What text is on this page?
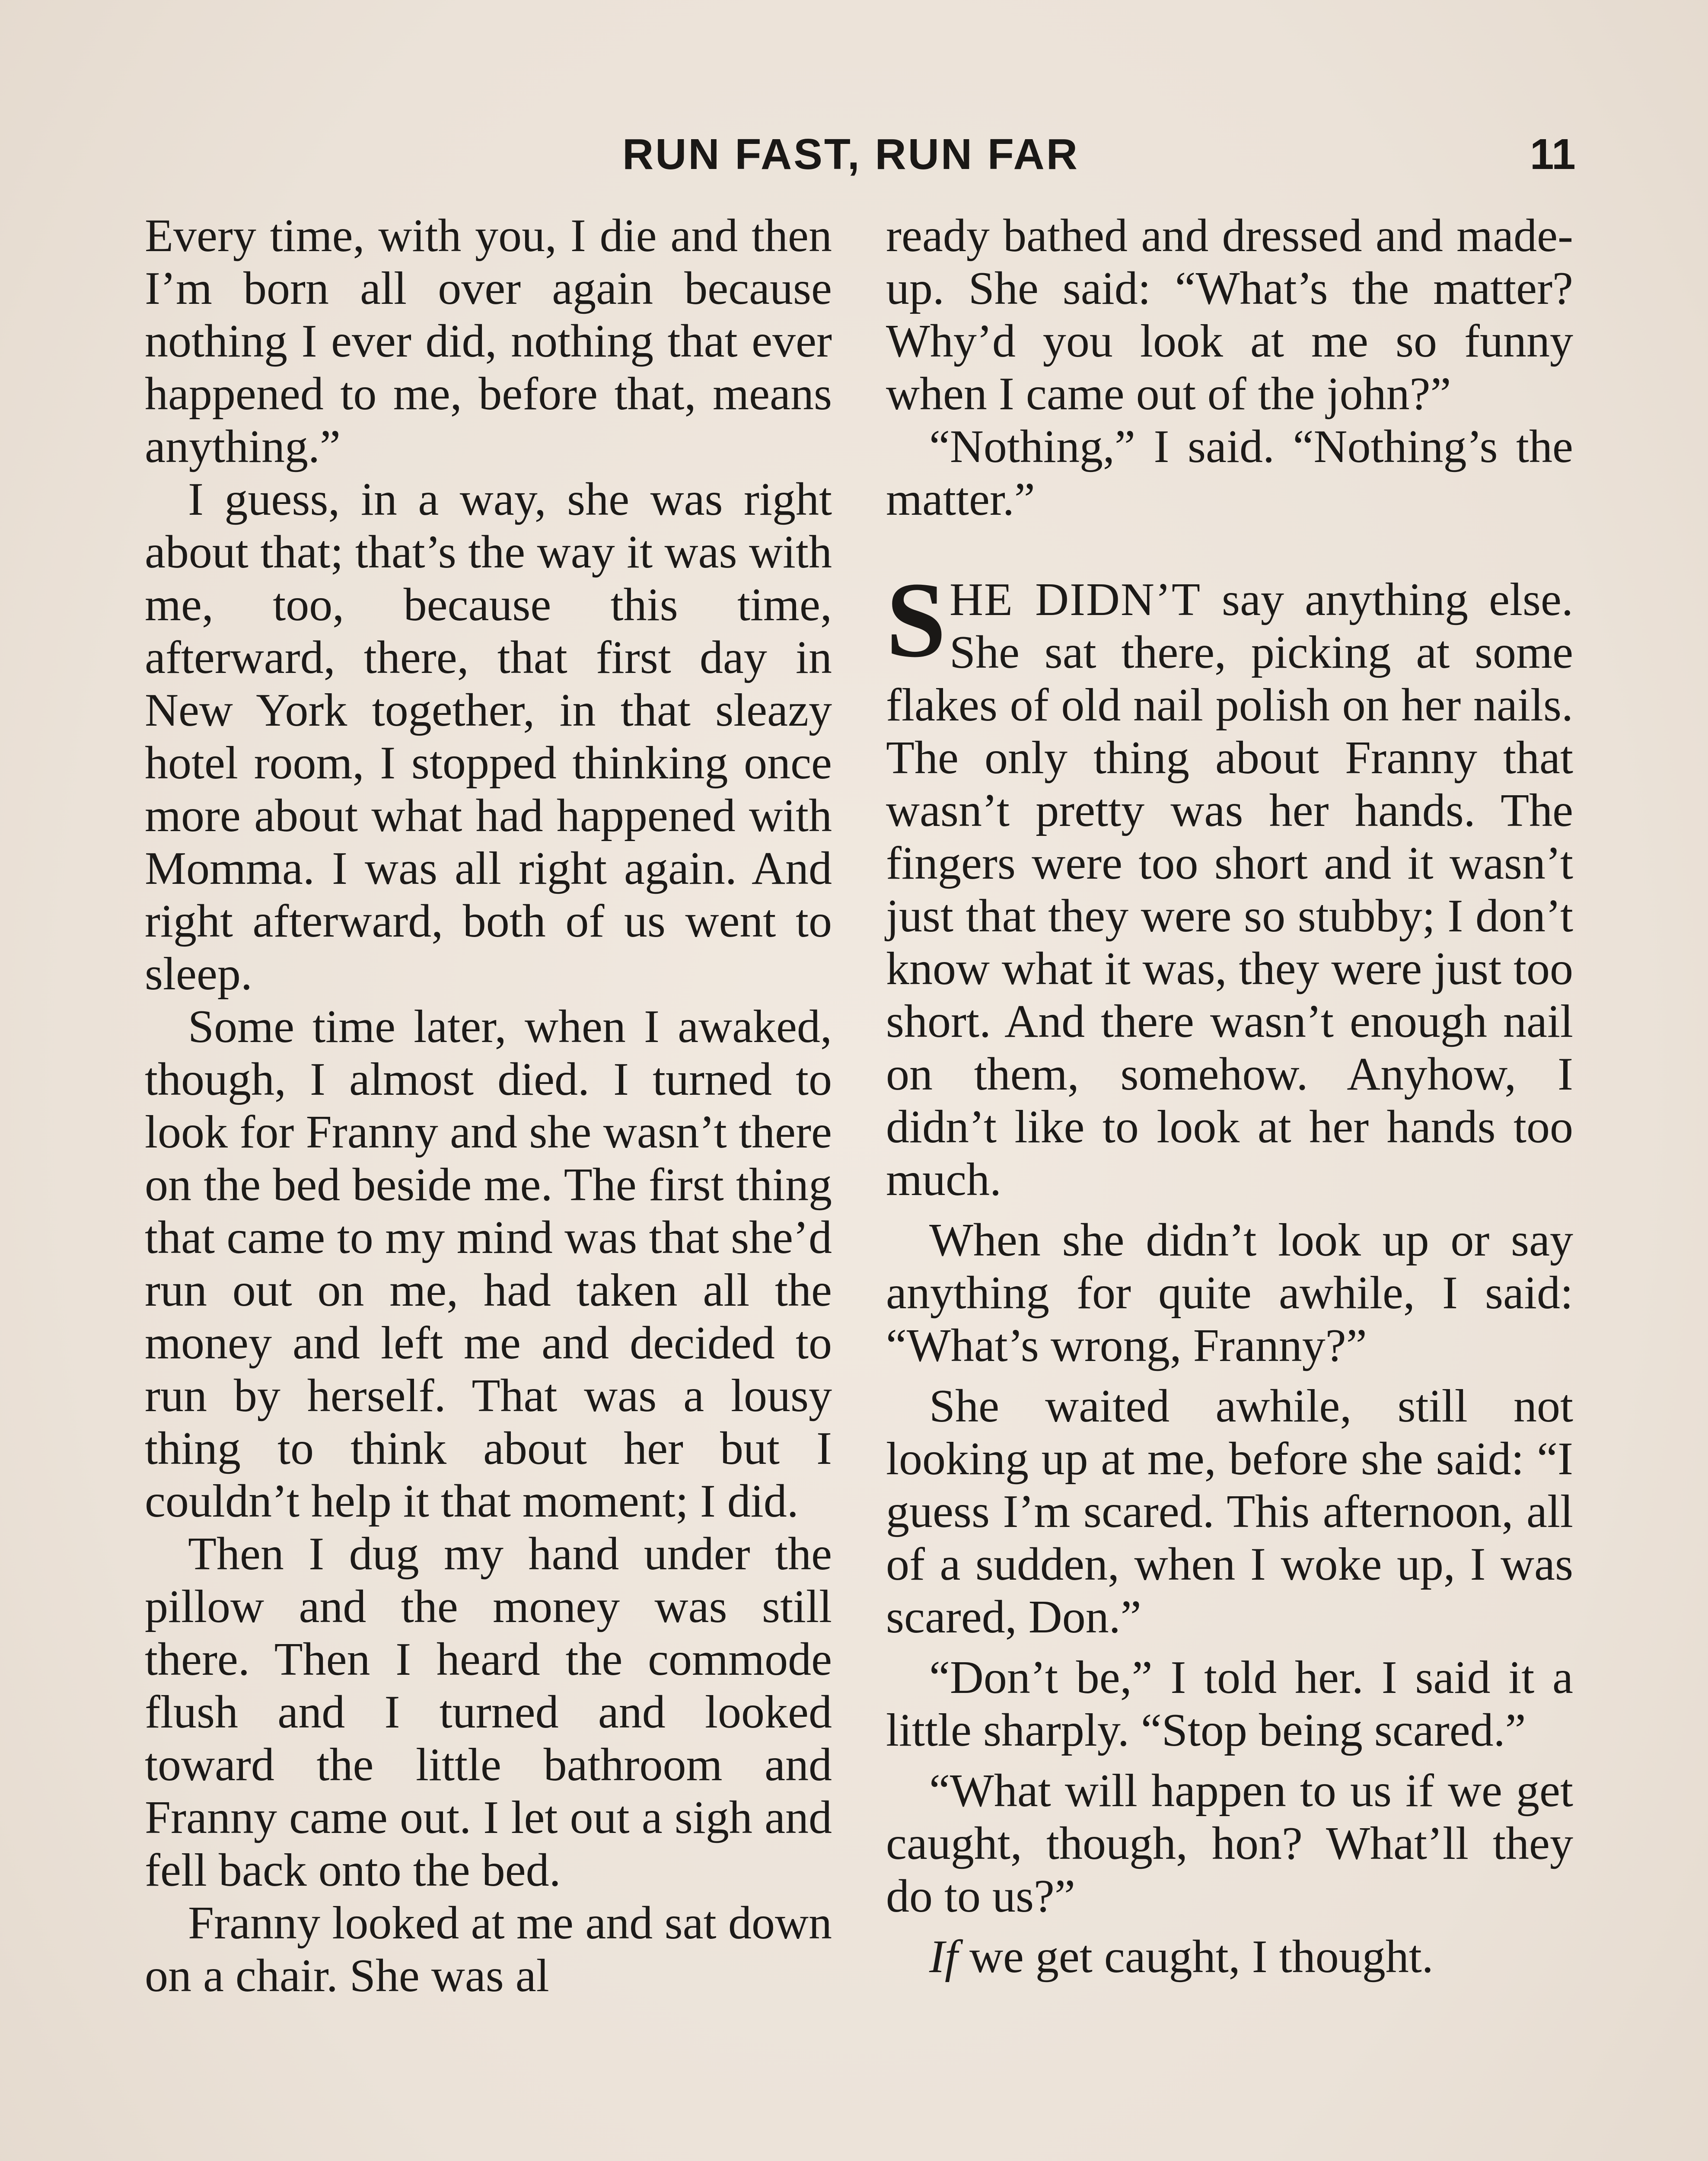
RUN FAST, RUN FAR	11

Every time, with you, I die and then I’m born all over again because nothing I ever did, nothing that ever happened to me, before that, means anything.”

I guess, in a way, she was right about that; that’s the way it was with me, too, because this time, afterward, there, that first day in New York together, in that sleazy hotel room, I stopped thinking once more about what had happened with Momma. I was all right again. And right afterward, both of us went to sleep.

Some time later, when I awaked, though, I almost died. I turned to look for Franny and she wasn’t there on the bed beside me. The first thing that came to my mind was that she’d run out on me, had taken all the money and left me and decided to run by herself. That was a lousy thing to think about her but I couldn’t help it that moment; I did.

Then I dug my hand under the pillow and the money was still there. Then I heard the commode flush and I turned and looked toward the little bathroom and Franny came out. I let out a sigh and fell back onto the bed.

Franny looked at me and sat down on a chair. She was al

ready bathed and dressed and made-up. She said: “What’s the matter? Why’d you look at me so funny when I came out of the john?”

“Nothing,” I said. “Nothing’s the matter.”

SHE DIDN’T say anything else. She sat there, picking at some flakes of old nail polish on her nails. The only thing about Franny that wasn’t pretty was her hands. The fingers were too short and it wasn’t just that they were so stubby; I don’t know what it was, they were just too short. And there wasn’t enough nail on them, somehow. Anyhow, I didn’t like to look at her hands too much.

When she didn’t look up or say anything for quite awhile, I said: “What’s wrong, Franny?”

She waited awhile, still not looking up at me, before she said: “I guess I’m scared. This afternoon, all of a sudden, when I woke up, I was scared, Don.”

“Don’t be,” I told her. I said it a little sharply. “Stop being scared.”

“What will happen to us if we get caught, though, hon? What’ll they do to us?”

If we get caught, I thought.
